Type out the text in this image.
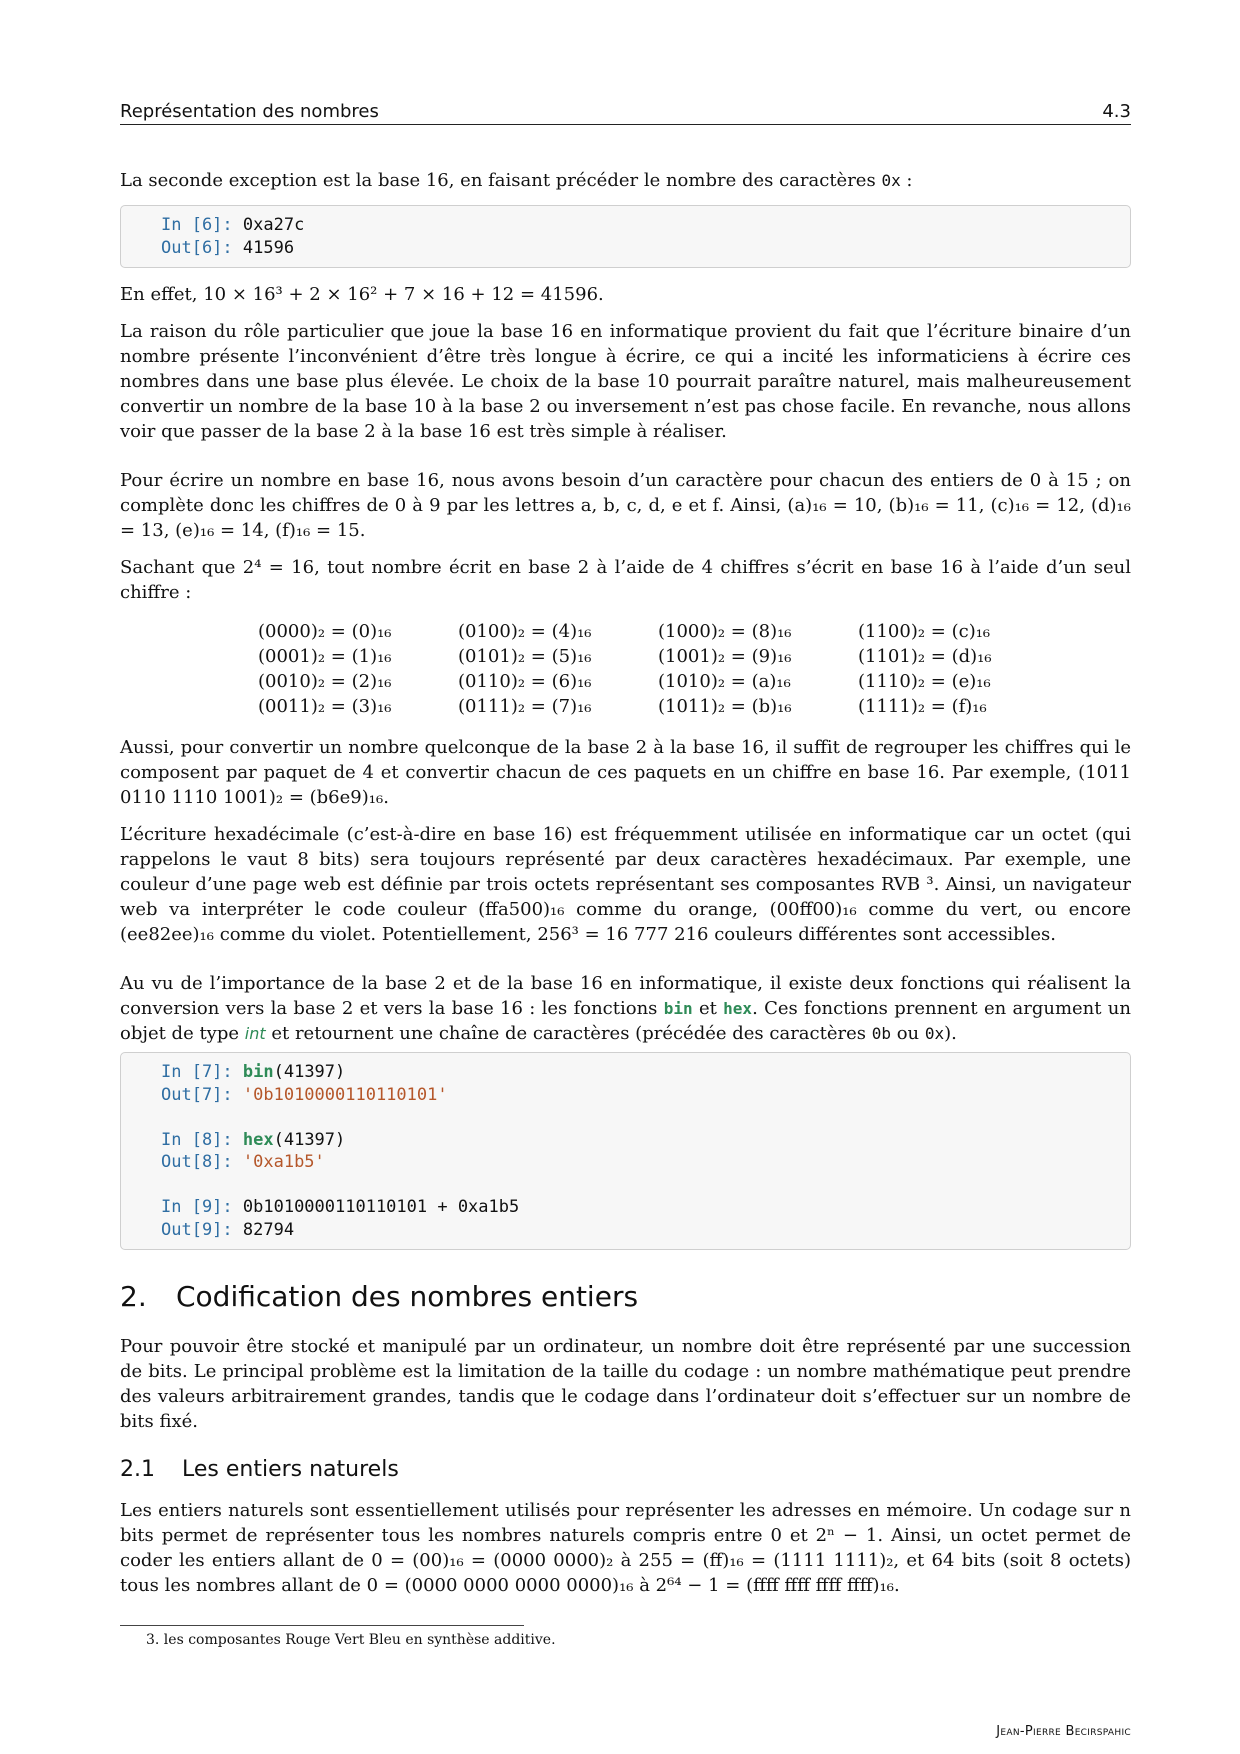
Représentation des nombres	4.3

La seconde exception est la base 16, en faisant précéder le nombre des caractères 0x :

In [6]: 0xa27c
Out[6]: 41596

En effet, 10 × 16³ + 2 × 16² + 7 × 16 + 12 = 41596.

La raison du rôle particulier que joue la base 16 en informatique provient du fait que l’écriture binaire d’un nombre présente l’inconvénient d’être très longue à écrire, ce qui a incité les informaticiens à écrire ces nombres dans une base plus élevée. Le choix de la base 10 pourrait paraître naturel, mais malheureusement convertir un nombre de la base 10 à la base 2 ou inversement n’est pas chose facile. En revanche, nous allons voir que passer de la base 2 à la base 16 est très simple à réaliser.

Pour écrire un nombre en base 16, nous avons besoin d’un caractère pour chacun des entiers de 0 à 15 ; on complète donc les chiffres de 0 à 9 par les lettres a, b, c, d, e et f. Ainsi, (a)₁₆ = 10, (b)₁₆ = 11, (c)₁₆ = 12, (d)₁₆ = 13, (e)₁₆ = 14, (f)₁₆ = 15.

Sachant que 2⁴ = 16, tout nombre écrit en base 2 à l’aide de 4 chiffres s’écrit en base 16 à l’aide d’un seul chiffre :

(0000)₂ = (0)₁₆	(0100)₂ = (4)₁₆	(1000)₂ = (8)₁₆	(1100)₂ = (c)₁₆
(0001)₂ = (1)₁₆	(0101)₂ = (5)₁₆	(1001)₂ = (9)₁₆	(1101)₂ = (d)₁₆
(0010)₂ = (2)₁₆	(0110)₂ = (6)₁₆	(1010)₂ = (a)₁₆	(1110)₂ = (e)₁₆
(0011)₂ = (3)₁₆	(0111)₂ = (7)₁₆	(1011)₂ = (b)₁₆	(1111)₂ = (f)₁₆

Aussi, pour convertir un nombre quelconque de la base 2 à la base 16, il suffit de regrouper les chiffres qui le composent par paquet de 4 et convertir chacun de ces paquets en un chiffre en base 16. Par exemple, (1011 0110 1110 1001)₂ = (b6e9)₁₆.

L’écriture hexadécimale (c’est-à-dire en base 16) est fréquemment utilisée en informatique car un octet (qui rappelons le vaut 8 bits) sera toujours représenté par deux caractères hexadécimaux. Par exemple, une couleur d’une page web est définie par trois octets représentant ses composantes RVB ³. Ainsi, un navigateur web va interpréter le code couleur (ffa500)₁₆ comme du orange, (00ff00)₁₆ comme du vert, ou encore (ee82ee)₁₆ comme du violet. Potentiellement, 256³ = 16 777 216 couleurs différentes sont accessibles.

Au vu de l’importance de la base 2 et de la base 16 en informatique, il existe deux fonctions qui réalisent la conversion vers la base 2 et vers la base 16 : les fonctions bin et hex. Ces fonctions prennent en argument un objet de type int et retournent une chaîne de caractères (précédée des caractères 0b ou 0x).

In [7]: bin(41397)
Out[7]: '0b1010000110110101'
In [8]: hex(41397)
Out[8]: '0xa1b5'
In [9]: 0b1010000110110101 + 0xa1b5
Out[9]: 82794
2. Codification des nombres entiers

Pour pouvoir être stocké et manipulé par un ordinateur, un nombre doit être représenté par une succession de bits. Le principal problème est la limitation de la taille du codage : un nombre mathématique peut prendre des valeurs arbitrairement grandes, tandis que le codage dans l’ordinateur doit s’effectuer sur un nombre de bits fixé.

2.1 Les entiers naturels

Les entiers naturels sont essentiellement utilisés pour représenter les adresses en mémoire. Un codage sur n bits permet de représenter tous les nombres naturels compris entre 0 et 2ⁿ − 1. Ainsi, un octet permet de coder les entiers allant de 0 = (00)₁₆ = (0000 0000)₂ à 255 = (ff)₁₆ = (1111 1111)₂, et 64 bits (soit 8 octets) tous les nombres allant de 0 = (0000 0000 0000 0000)₁₆ à 2⁶⁴ − 1 = (ffff ffff ffff ffff)₁₆.

3. les composantes Rouge Vert Bleu en synthèse additive.
Jean-Pierre Becirspahic
